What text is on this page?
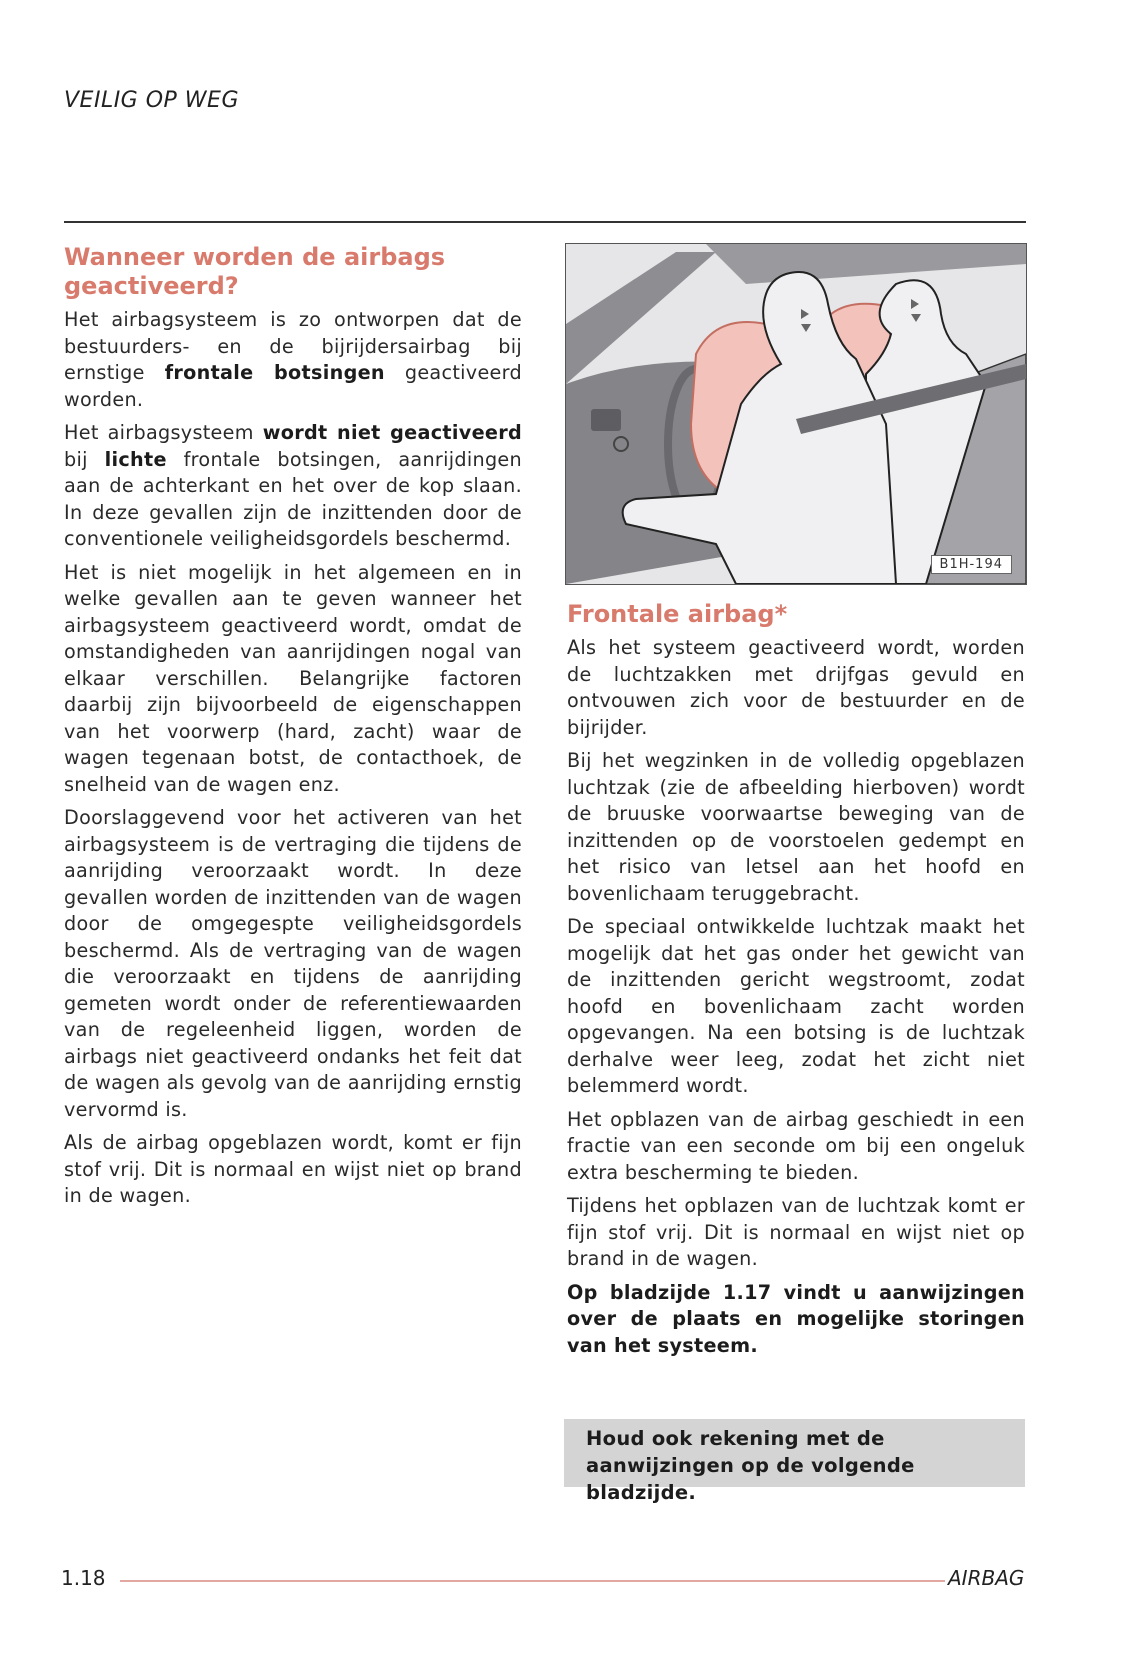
VEILIG OP WEG
Wanneer worden de airbags geactiveerd?

Het airbagsysteem is zo ontworpen dat de bestuurders- en de bijrijdersairbag bij ernstige frontale botsingen geactiveerd worden.

Het airbagsysteem wordt niet geactiveerd bij lichte frontale botsingen, aanrijdingen aan de achterkant en het over de kop slaan. In deze gevallen zijn de inzittenden door de conventionele veiligheidsgordels beschermd.

Het is niet mogelijk in het algemeen en in welke gevallen aan te geven wanneer het airbagsysteem geactiveerd wordt, omdat de omstandigheden van aanrijdingen nogal van elkaar verschillen. Belangrijke factoren daarbij zijn bijvoorbeeld de eigenschappen van het voorwerp (hard, zacht) waar de wagen tegenaan botst, de contacthoek, de snelheid van de wagen enz.

Doorslaggevend voor het activeren van het airbagsysteem is de vertraging die tijdens de aanrijding veroorzaakt wordt. In deze gevallen worden de inzittenden van de wagen door de omgegespte veiligheidsgordels beschermd. Als de vertraging van de wagen die veroorzaakt en tijdens de aanrijding gemeten wordt onder de referentiewaarden van de regeleenheid liggen, worden de airbags niet geactiveerd ondanks het feit dat de wagen als gevolg van de aanrijding ernstig vervormd is.

Als de airbag opgeblazen wordt, komt er fijn stof vrij. Dit is normaal en wijst niet op brand in de wagen.

B1H-194
Frontale airbag*

Als het systeem geactiveerd wordt, worden de luchtzakken met drijfgas gevuld en ontvouwen zich voor de bestuurder en de bijrijder.

Bij het wegzinken in de volledig opgeblazen luchtzak (zie de afbeelding hierboven) wordt de bruuske voorwaartse beweging van de inzittenden op de voorstoelen gedempt en het risico van letsel aan het hoofd en bovenlichaam teruggebracht.

De speciaal ontwikkelde luchtzak maakt het mogelijk dat het gas onder het gewicht van de inzittenden gericht wegstroomt, zodat hoofd en bovenlichaam zacht worden opgevangen. Na een botsing is de luchtzak derhalve weer leeg, zodat het zicht niet belemmerd wordt.

Het opblazen van de airbag geschiedt in een fractie van een seconde om bij een ongeluk extra bescherming te bieden.

Tijdens het opblazen van de luchtzak komt er fijn stof vrij. Dit is normaal en wijst niet op brand in de wagen.

Op bladzijde 1.17 vindt u aanwijzingen over de plaats en mogelijke storingen van het systeem.

Houd ook rekening met de aanwijzingen op de volgende bladzijde.

1.18	AIRBAG
